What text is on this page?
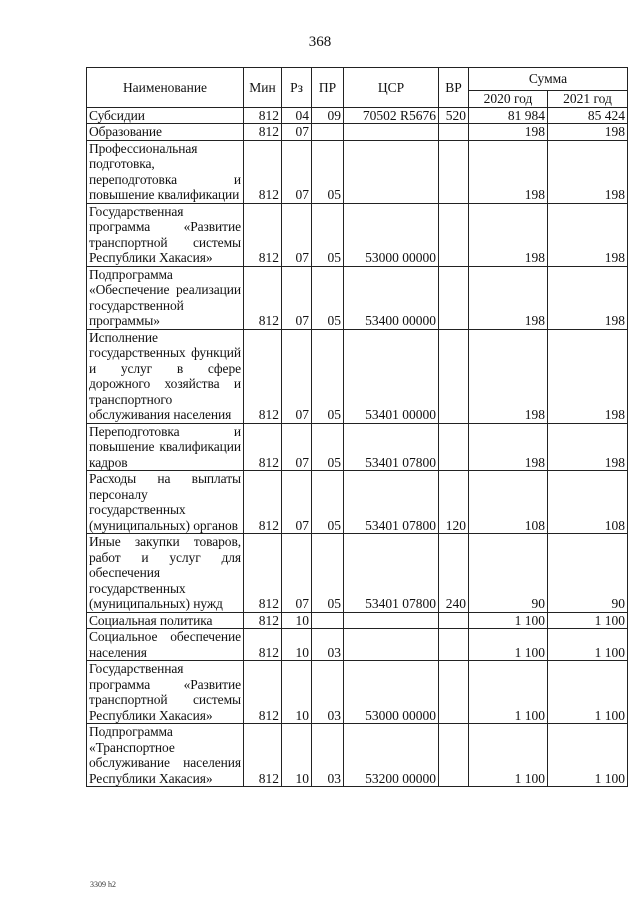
368
Наименование	Мин	Рз	ПР	ЦСР	ВР	Сумма	
						2020 год	2021 год
Субсидии	812	04	09	70502 R5676	520	81 984	85 424
Образование	812	07				198	198
Профессиональная подготовка, переподготовка и повышение квалификации	812	07	05			198	198
Государственная программа «Развитие транспортной системы Республики Хакасия»	812	07	05	53000 00000		198	198
Подпрограмма «Обеспечение реализации государственной программы»	812	07	05	53400 00000		198	198
Исполнение государственных функций и услуг в сфере дорожного хозяйства и транспортного обслуживания населения	812	07	05	53401 00000		198	198
Переподготовка и повышение квалификации кадров	812	07	05	53401 07800		198	198
Расходы на выплаты персоналу государственных (муниципальных) органов	812	07	05	53401 07800	120	108	108
Иные закупки товаров, работ и услуг для обеспечения государственных (муниципальных) нужд	812	07	05	53401 07800	240	90	90
Социальная политика	812	10				1 100	1 100
Социальное обеспечение населения	812	10	03			1 100	1 100
Государственная программа «Развитие транспортной системы Республики Хакасия»	812	10	03	53000 00000		1 100	1 100
Подпрограмма «Транспортное обслуживание населения Республики Хакасия»	812	10	03	53200 00000		1 100	1 100
3309 h2
